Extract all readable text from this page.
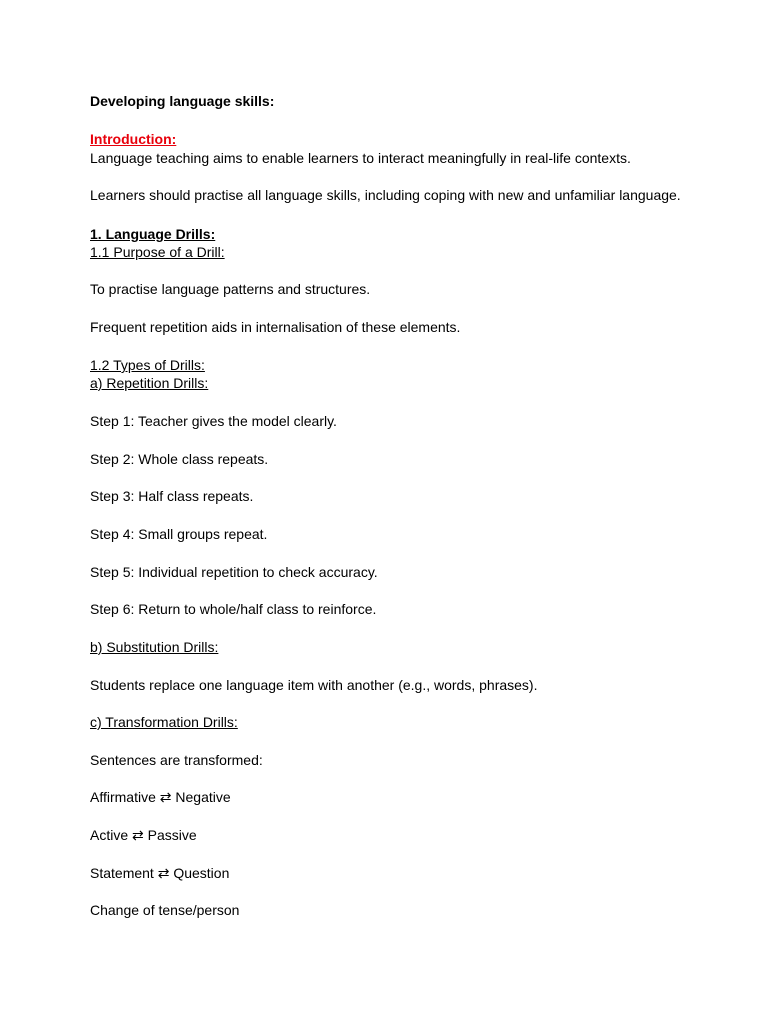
Developing language skills:

Introduction:

Language teaching aims to enable learners to interact meaningfully in real-life contexts.

Learners should practise all language skills, including coping with new and unfamiliar language.

1. Language Drills:

1.1 Purpose of a Drill:

To practise language patterns and structures.

Frequent repetition aids in internalisation of these elements.

1.2 Types of Drills:

a) Repetition Drills:

Step 1: Teacher gives the model clearly.

Step 2: Whole class repeats.

Step 3: Half class repeats.

Step 4: Small groups repeat.

Step 5: Individual repetition to check accuracy.

Step 6: Return to whole/half class to reinforce.

b) Substitution Drills:

Students replace one language item with another (e.g., words, phrases).

c) Transformation Drills:

Sentences are transformed:

Affirmative ⇄ Negative

Active ⇄ Passive

Statement ⇄ Question

Change of tense/person
